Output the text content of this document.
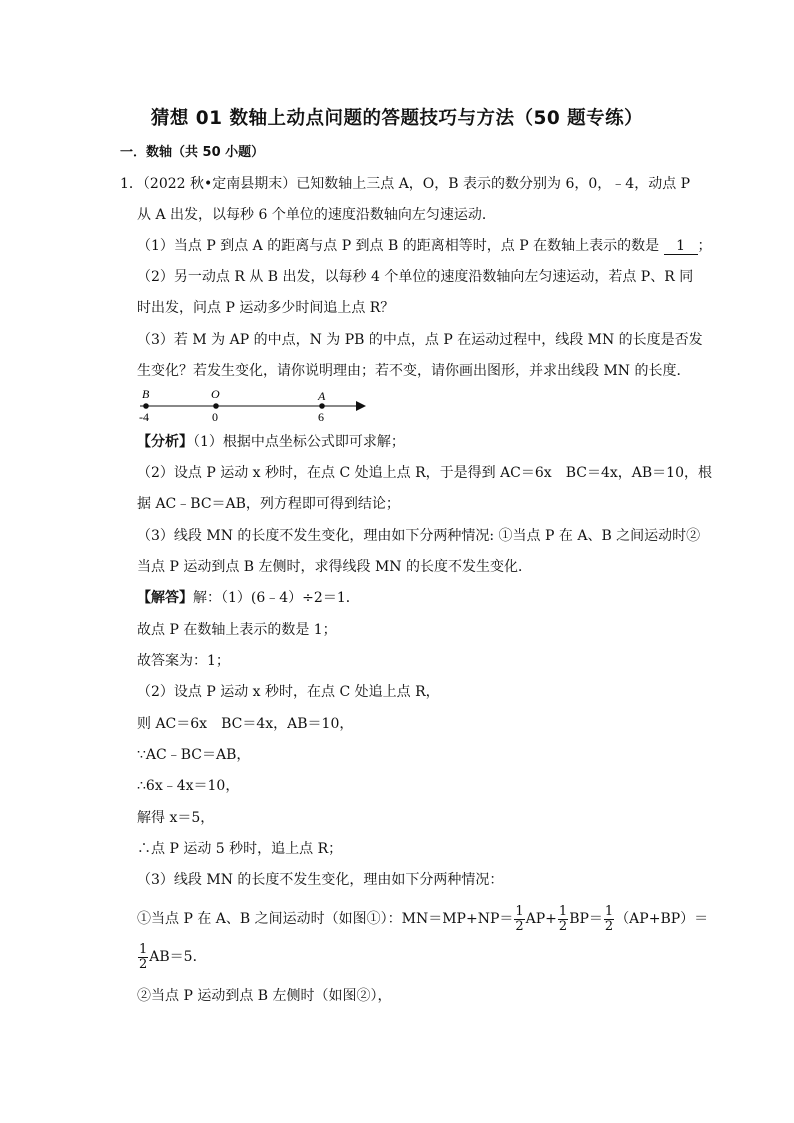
猜想 01 数轴上动点问题的答题技巧与方法（50 题专练）
一．数轴（共 50 小题）
1．（2022 秋•定南县期末）已知数轴上三点 A，O，B 表示的数分别为 6，0，﹣4，动点 P
从 A 出发，以每秒 6 个单位的速度沿数轴向左匀速运动．
（1）当点 P 到点 A 的距离与点 P 到点 B 的距离相等时，点 P 在数轴上表示的数是 1 ；
（2）另一动点 R 从 B 出发，以每秒 4 个单位的速度沿数轴向左匀速运动，若点 P、R 同
时出发，问点 P 运动多少时间追上点 R？
（3）若 M 为 AP 的中点，N 为 PB 的中点，点 P 在运动过程中，线段 MN 的长度是否发
生变化？若发生变化，请你说明理由；若不变，请你画出图形，并求出线段 MN 的长度．
B	O	A
-4	0	6
【分析】（1）根据中点坐标公式即可求解；
（2）设点 P 运动 x 秒时，在点 C 处追上点 R，于是得到 AC＝6x　BC＝4x，AB＝10，根
据 AC﹣BC＝AB，列方程即可得到结论；
（3）线段 MN 的长度不发生变化，理由如下分两种情况: ①当点 P 在 A、B 之间运动时②
当点 P 运动到点 B 左侧时，求得线段 MN 的长度不发生变化．
【解答】解：（1）(6﹣4）÷2＝1．
故点 P 在数轴上表示的数是 1；
故答案为：1；
（2）设点 P 运动 x 秒时，在点 C 处追上点 R，
则 AC＝6x　BC＝4x，AB＝10，
∵AC﹣BC＝AB，
∴6x﹣4x＝10，
解得 x＝5，
∴点 P 运动 5 秒时，追上点 R；
（3）线段 MN 的长度不发生变化，理由如下分两种情况：
①当点 P 在 A、B 之间运动时（如图①）：$MN=MP+NP= \frac{1}{2} AP+ \frac{1}{2} BP= \frac{1}{2} (AP+BP)=$
$\frac{1}{2} AB=5$．
②当点 P 运动到点 B 左侧时（如图②），
